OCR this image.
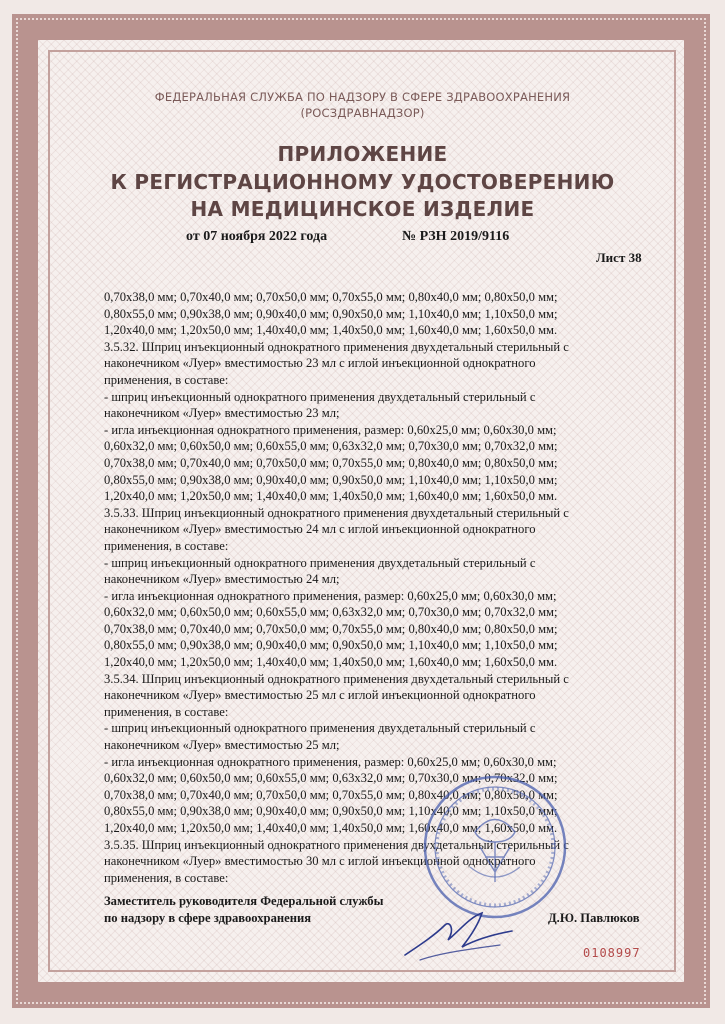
ФЕДЕРАЛЬНАЯ СЛУЖБА ПО НАДЗОРУ В СФЕРЕ ЗДРАВООХРАНЕНИЯ
(РОСЗДРАВНАДЗОР)
ПРИЛОЖЕНИЕ
К РЕГИСТРАЦИОННОМУ УДОСТОВЕРЕНИЮ
НА МЕДИЦИНСКОЕ ИЗДЕЛИЕ
от 07 ноября 2022 года	№ РЗН 2019/9116
Лист 38
0,70х38,0 мм; 0,70х40,0 мм; 0,70х50,0 мм; 0,70х55,0 мм; 0,80х40,0 мм; 0,80х50,0 мм;
0,80х55,0 мм; 0,90х38,0 мм; 0,90х40,0 мм; 0,90х50,0 мм; 1,10х40,0 мм; 1,10х50,0 мм;
1,20х40,0 мм; 1,20х50,0 мм; 1,40х40,0 мм; 1,40х50,0 мм; 1,60х40,0 мм; 1,60х50,0 мм.
3.5.32. Шприц инъекционный однократного применения двухдетальный стерильный с
наконечником «Луер» вместимостью 23 мл с иглой инъекционной однократного
применения, в составе:
- шприц инъекционный однократного применения двухдетальный стерильный с
наконечником «Луер» вместимостью 23 мл;
- игла инъекционная однократного применения, размер: 0,60х25,0 мм; 0,60х30,0 мм;
0,60х32,0 мм; 0,60х50,0 мм; 0,60х55,0 мм; 0,63х32,0 мм; 0,70х30,0 мм; 0,70х32,0 мм;
0,70х38,0 мм; 0,70х40,0 мм; 0,70х50,0 мм; 0,70х55,0 мм; 0,80х40,0 мм; 0,80х50,0 мм;
0,80х55,0 мм; 0,90х38,0 мм; 0,90х40,0 мм; 0,90х50,0 мм; 1,10х40,0 мм; 1,10х50,0 мм;
1,20х40,0 мм; 1,20х50,0 мм; 1,40х40,0 мм; 1,40х50,0 мм; 1,60х40,0 мм; 1,60х50,0 мм.
3.5.33. Шприц инъекционный однократного применения двухдетальный стерильный с
наконечником «Луер» вместимостью 24 мл с иглой инъекционной однократного
применения, в составе:
- шприц инъекционный однократного применения двухдетальный стерильный с
наконечником «Луер» вместимостью 24 мл;
- игла инъекционная однократного применения, размер: 0,60х25,0 мм; 0,60х30,0 мм;
0,60х32,0 мм; 0,60х50,0 мм; 0,60х55,0 мм; 0,63х32,0 мм; 0,70х30,0 мм; 0,70х32,0 мм;
0,70х38,0 мм; 0,70х40,0 мм; 0,70х50,0 мм; 0,70х55,0 мм; 0,80х40,0 мм; 0,80х50,0 мм;
0,80х55,0 мм; 0,90х38,0 мм; 0,90х40,0 мм; 0,90х50,0 мм; 1,10х40,0 мм; 1,10х50,0 мм;
1,20х40,0 мм; 1,20х50,0 мм; 1,40х40,0 мм; 1,40х50,0 мм; 1,60х40,0 мм; 1,60х50,0 мм.
3.5.34. Шприц инъекционный однократного применения двухдетальный стерильный с
наконечником «Луер» вместимостью 25 мл с иглой инъекционной однократного
применения, в составе:
- шприц инъекционный однократного применения двухдетальный стерильный с
наконечником «Луер» вместимостью 25 мл;
- игла инъекционная однократного применения, размер: 0,60х25,0 мм; 0,60х30,0 мм;
0,60х32,0 мм; 0,60х50,0 мм; 0,60х55,0 мм; 0,63х32,0 мм; 0,70х30,0 мм; 0,70х32,0 мм;
0,70х38,0 мм; 0,70х40,0 мм; 0,70х50,0 мм; 0,70х55,0 мм; 0,80х40,0 мм; 0,80х50,0 мм;
0,80х55,0 мм; 0,90х38,0 мм; 0,90х40,0 мм; 0,90х50,0 мм; 1,10х40,0 мм; 1,10х50,0 мм;
1,20х40,0 мм; 1,20х50,0 мм; 1,40х40,0 мм; 1,40х50,0 мм; 1,60х40,0 мм; 1,60х50,0 мм.
3.5.35. Шприц инъекционный однократного применения двухдетальный стерильный с
наконечником «Луер» вместимостью 30 мл с иглой инъекционной однократного
применения, в составе:
Заместитель руководителя Федеральной службы
по надзору в сфере здравоохранения	Д.Ю. Павлюков
0108997
